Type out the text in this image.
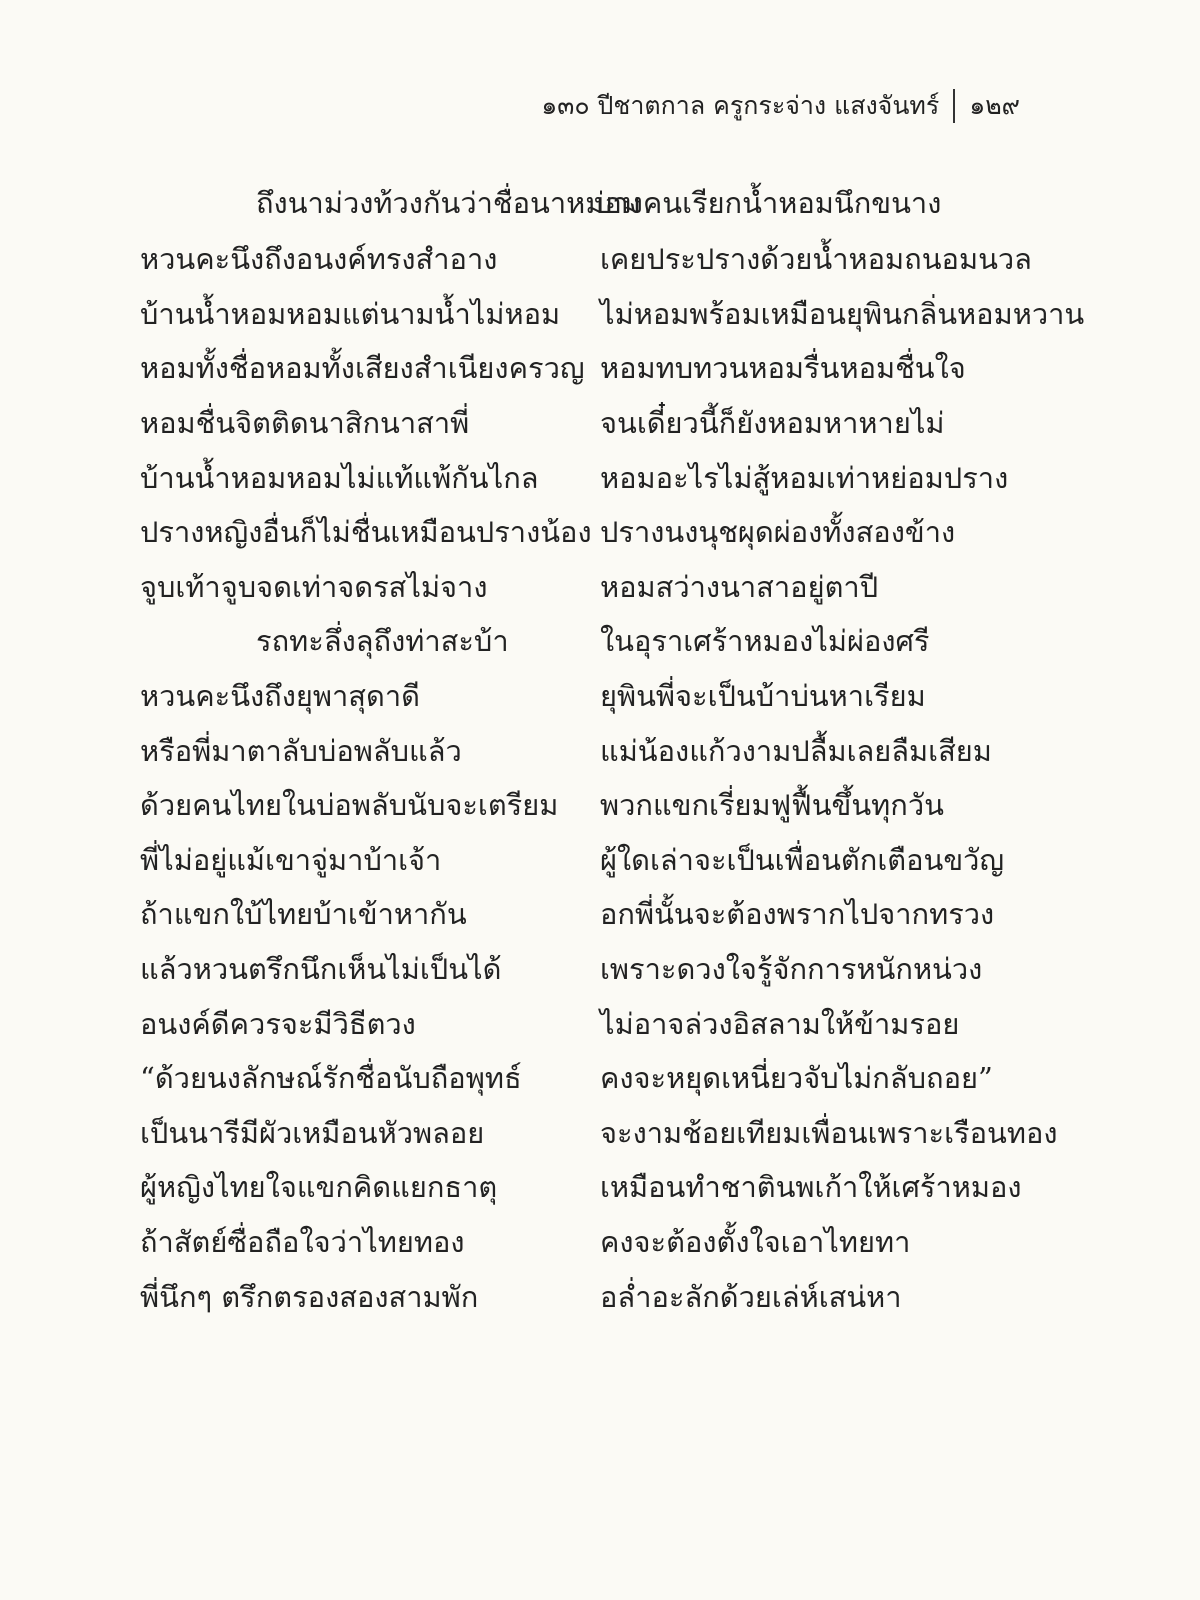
๑๓๐ ปีชาตกาล ครูกระจ่าง แสงจันทร์ ๑๒๙
ถึงนาม่วงท้วงกันว่าชื่อนาหม่อมบางคนเรียกน้ำหอมนึกขนาง
หวนคะนึงถึงอนงค์ทรงสำอาง	เคยประปรางด้วยน้ำหอมถนอมนวล
บ้านน้ำหอมหอมแต่นามน้ำไม่หอม	ไม่หอมพร้อมเหมือนยุพินกลิ่นหอมหวาน
หอมทั้งชื่อหอมทั้งเสียงสำเนียงครวญ หอมทบทวนหอมรื่นหอมชื่นใจ
หอมชื่นจิตติดนาสิกนาสาพี่	จนเดี๋ยวนี้ก็ยังหอมหาหายไม่
บ้านน้ำหอมหอมไม่แท้แพ้กันไกล	หอมอะไรไม่สู้หอมเท่าหย่อมปราง
ปรางหญิงอื่นก็ไม่ชื่นเหมือนปรางน้อง ปรางนงนุชผุดผ่องทั้งสองข้าง
จูบเท้าจูบจดเท่าจดรสไม่จาง	หอมสว่างนาสาอยู่ตาปี
รถทะลึ่งลุถึงท่าสะบ้า	ในอุราเศร้าหมองไม่ผ่องศรี
หวนคะนึงถึงยุพาสุดาดี	ยุพินพี่จะเป็นบ้าบ่นหาเรียม
หรือพี่มาตาลับบ่อพลับแล้ว	แม่น้องแก้วงามปลื้มเลยลืมเสียม
ด้วยคนไทยในบ่อพลับนับจะเตรียม	พวกแขกเรี่ยมฟูฟื้นขึ้นทุกวัน
พี่ไม่อยู่แม้เขาจู่มาบ้าเจ้า	ผู้ใดเล่าจะเป็นเพื่อนตักเตือนขวัญ
ถ้าแขกใบ้ไทยบ้าเข้าหากัน	อกพี่นั้นจะต้องพรากไปจากทรวง
แล้วหวนตรึกนึกเห็นไม่เป็นได้	เพราะดวงใจรู้จักการหนักหน่วง
อนงค์ดีควรจะมีวิธีตวง	ไม่อาจล่วงอิสลามให้ข้ามรอย
“ด้วยนงลักษณ์รักชื่อนับถือพุทธ์	คงจะหยุดเหนี่ยวจับไม่กลับถอย”
เป็นนารีมีผัวเหมือนหัวพลอย	จะงามช้อยเทียมเพื่อนเพราะเรือนทอง
ผู้หญิงไทยใจแขกคิดแยกธาตุ	เหมือนทำชาตินพเก้าให้เศร้าหมอง
ถ้าสัตย์ซื่อถือใจว่าไทยทอง	คงจะต้องตั้งใจเอาไทยทา
พี่นึกๆ ตรึกตรองสองสามพัก	อล่ำอะลักด้วยเล่ห์เสน่หา
